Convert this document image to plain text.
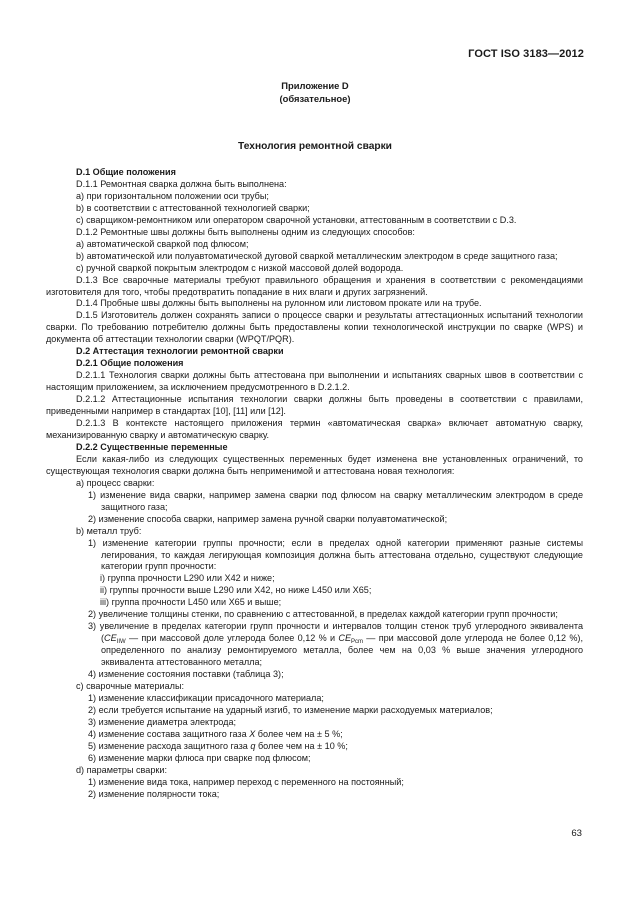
ГОСТ ISO 3183—2012
Приложение D
(обязательное)
Технология ремонтной сварки

D.1 Общие положения

D.1.1 Ремонтная сварка должна быть выполнена:

a) при горизонтальном положении оси трубы;

b) в соответствии с аттестованной технологией сварки;

c) сварщиком-ремонтником или оператором сварочной установки, аттестованным в соответствии с D.3.

D.1.2 Ремонтные швы должны быть выполнены одним из следующих способов:

a) автоматической сваркой под флюсом;

b) автоматической или полуавтоматической дуговой сваркой металлическим электродом в среде защитного газа;

c) ручной сваркой покрытым электродом с низкой массовой долей водорода.

D.1.3 Все сварочные материалы требуют правильного обращения и хранения в соответствии с рекомендациями изготовителя для того, чтобы предотвратить попадание в них влаги и других загрязнений.

D.1.4 Пробные швы должны быть выполнены на рулонном или листовом прокате или на трубе.

D.1.5 Изготовитель должен сохранять записи о процессе сварки и результаты аттестационных испытаний технологии сварки. По требованию потребителю должны быть предоставлены копии технологической инструкции по сварке (WPS) и документа об аттестации технологии сварки (WPQT/PQR).

D.2 Аттестация технологии ремонтной сварки

D.2.1 Общие положения

D.2.1.1 Технология сварки должны быть аттестована при выполнении и испытаниях сварных швов в соответствии с настоящим приложением, за исключением предусмотренного в D.2.1.2.

D.2.1.2 Аттестационные испытания технологии сварки должны быть проведены в соответствии с правилами, приведенными например в стандартах [10], [11] или [12].

D.2.1.3 В контексте настоящего приложения термин «автоматическая сварка» включает автоматную сварку, механизированную сварку и автоматическую сварку.

D.2.2 Существенные переменные

Если какая-либо из следующих существенных переменных будет изменена вне установленных ограничений, то существующая технология сварки должна быть неприменимой и аттестована новая технология:

a) процесс сварки:

1) изменение вида сварки, например замена сварки под флюсом на сварку металлическим электродом в среде защитного газа;

2) изменение способа сварки, например замена ручной сварки полуавтоматической;

b) металл труб:

1) изменение категории группы прочности; если в пределах одной категории применяют разные системы легирования, то каждая легирующая композиция должна быть аттестована отдельно, существуют следующие категории групп прочности:

i) группа прочности L290 или X42 и ниже;

ii) группы прочности выше L290 или X42, но ниже L450 или X65;

iii) группа прочности L450 или X65 и выше;

2) увеличение толщины стенки, по сравнению с аттестованной, в пределах каждой категории групп прочности;

3) увеличение в пределах категории групп прочности и интервалов толщин стенок труб углеродного эквивалента ($CE_{IIW}$ — при массовой доле углерода более 0,12 % и $CE_{Pcm}$ — при массовой доле углерода не более 0,12 %), определенного по анализу ремонтируемого металла, более чем на 0,03 % выше значения углеродного эквивалента аттестованного металла;

4) изменение состояния поставки (таблица 3);

c) сварочные материалы:

1) изменение классификации присадочного материала;

2) если требуется испытание на ударный изгиб, то изменение марки расходуемых материалов;

3) изменение диаметра электрода;

4) изменение состава защитного газа X более чем на ± 5 %;

5) изменение расхода защитного газа q более чем на ± 10 %;

6) изменение марки флюса при сварке под флюсом;

d) параметры сварки:

1) изменение вида тока, например переход с переменного на постоянный;

2) изменение полярности тока;

63
